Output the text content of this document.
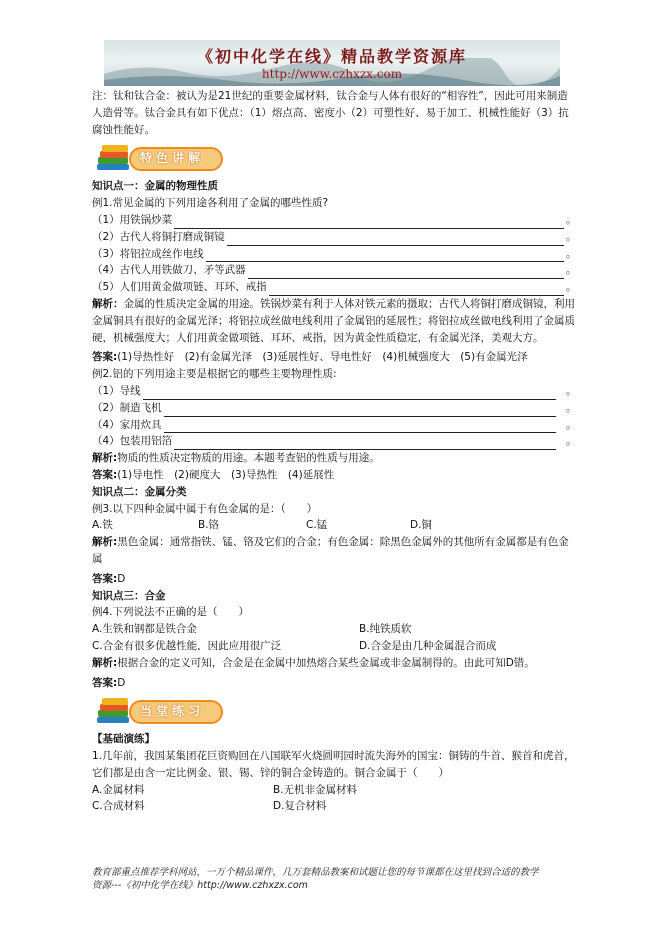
《初中化学在线》精品教学资源库
http://www.czhxzx.com

注：钛和钛合金：被认为是21世纪的重要金属材料，钛合金与人体有很好的“相容性”，因此可用来制造人造骨等。钛合金具有如下优点：（1）熔点高、密度小（2）可塑性好、易于加工、机械性能好（3）抗腐蚀性能好。

特色讲解

知识点一：金属的物理性质

例1.常见金属的下列用途各利用了金属的哪些性质?

（1）用铁锅炒菜	。
（2）古代人将铜打磨成铜镜	。
（3）将铝拉成丝作电线	。
（4）古代人用铁做刀、矛等武器	。
（5）人们用黄金做项链、耳环、戒指	。

解析：金属的性质决定金属的用途。铁锅炒菜有利于人体对铁元素的摄取；古代人将铜打磨成铜镜，利用金属铜具有很好的金属光泽；将铝拉成丝做电线利用了金属铝的延展性；将铝拉成丝做电线利用了金属质硬，机械强度大；人们用黄金做项链、耳环、戒指，因为黄金性质稳定，有金属光泽，美观大方。

答案:(1)导热性好　(2)有金属光泽　(3)延展性好、导电性好　(4)机械强度大　(5)有金属光泽

例2.铝的下列用途主要是根据它的哪些主要物理性质:

（1）导线	。
（2）制造飞机	。
（4）家用炊具	。
（4）包装用铝箔	。

解析:物质的性质决定物质的用途。本题考查铝的性质与用途。

答案:(1)导电性　(2)硬度大　(3)导热性　(4)延展性

知识点二：金属分类

例3.以下四种金属中属于有色金属的是：（　　）

A.铁	B.铬	C.锰	D.铜

解析:黑色金属：通常指铁、锰、铬及它们的合金；有色金属：除黑色金属外的其他所有金属都是有色金属

答案:D

知识点三：合金

例4.下列说法不正确的是（　　）

A.生铁和钢都是铁合金	B.纯铁质软
C.合金有很多优越性能，因此应用很广泛	D.合金是由几种金属混合而成

解析:根据合金的定义可知，合金是在金属中加热熔合某些金属或非金属制得的。由此可知D错。

答案:D

当堂练习

【基础演练】

1.几年前，我国某集团花巨资购回在八国联军火烧圆明园时流失海外的国宝：铜铸的牛首、猴首和虎首，它们都是由含一定比例金、银、锡、锌的铜合金铸造的。铜合金属于（　　）

A.金属材料	B.无机非金属材料
C.合成材料	D.复合材料
教育部重点推荐学科网站，一万个精品课件，几万套精品教案和试题让您的每节课都在这里找到合适的教学
资源---《初中化学在线》http://www.czhxzx.com
